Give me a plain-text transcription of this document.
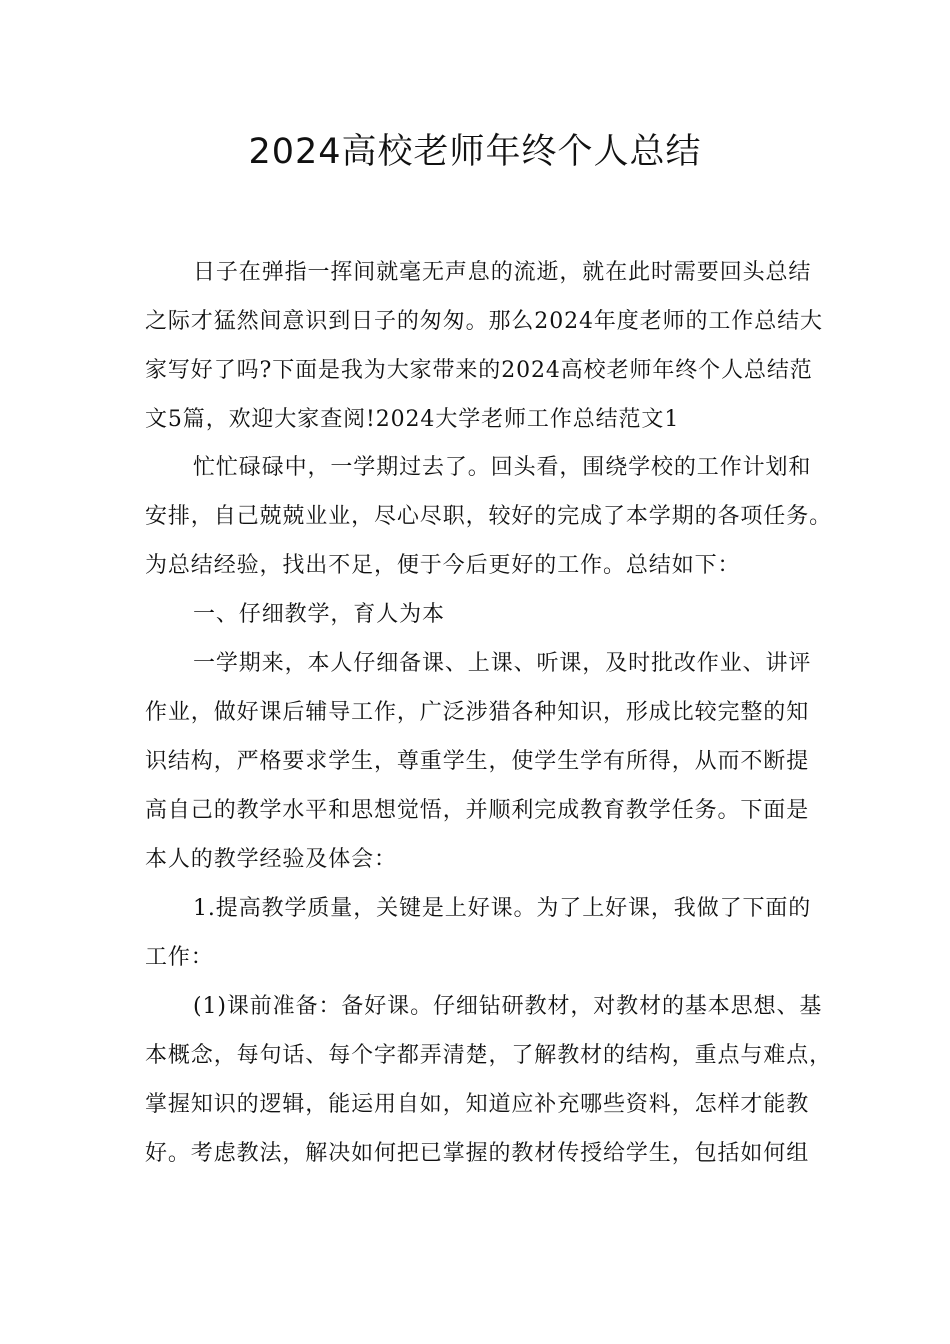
2024高校老师年终个人总结
日子在弹指一挥间就毫无声息的流逝，就在此时需要回头总结
之际才猛然间意识到日子的匆匆。那么2024年度老师的工作总结大
家写好了吗?下面是我为大家带来的2024高校老师年终个人总结范
文5篇，欢迎大家查阅!2024大学老师工作总结范文1
忙忙碌碌中，一学期过去了。回头看，围绕学校的工作计划和
安排，自己兢兢业业，尽心尽职，较好的完成了本学期的各项任务。
为总结经验，找出不足，便于今后更好的工作。总结如下：
一、仔细教学，育人为本
一学期来，本人仔细备课、上课、听课，及时批改作业、讲评
作业，做好课后辅导工作，广泛涉猎各种知识，形成比较完整的知
识结构，严格要求学生，尊重学生，使学生学有所得，从而不断提
高自己的教学水平和思想觉悟，并顺利完成教育教学任务。下面是
本人的教学经验及体会：
1.提高教学质量，关键是上好课。为了上好课，我做了下面的
工作：
(1)课前准备：备好课。仔细钻研教材，对教材的基本思想、基
本概念，每句话、每个字都弄清楚，了解教材的结构，重点与难点，
掌握知识的逻辑，能运用自如，知道应补充哪些资料，怎样才能教
好。考虑教法，解决如何把已掌握的教材传授给学生，包括如何组
